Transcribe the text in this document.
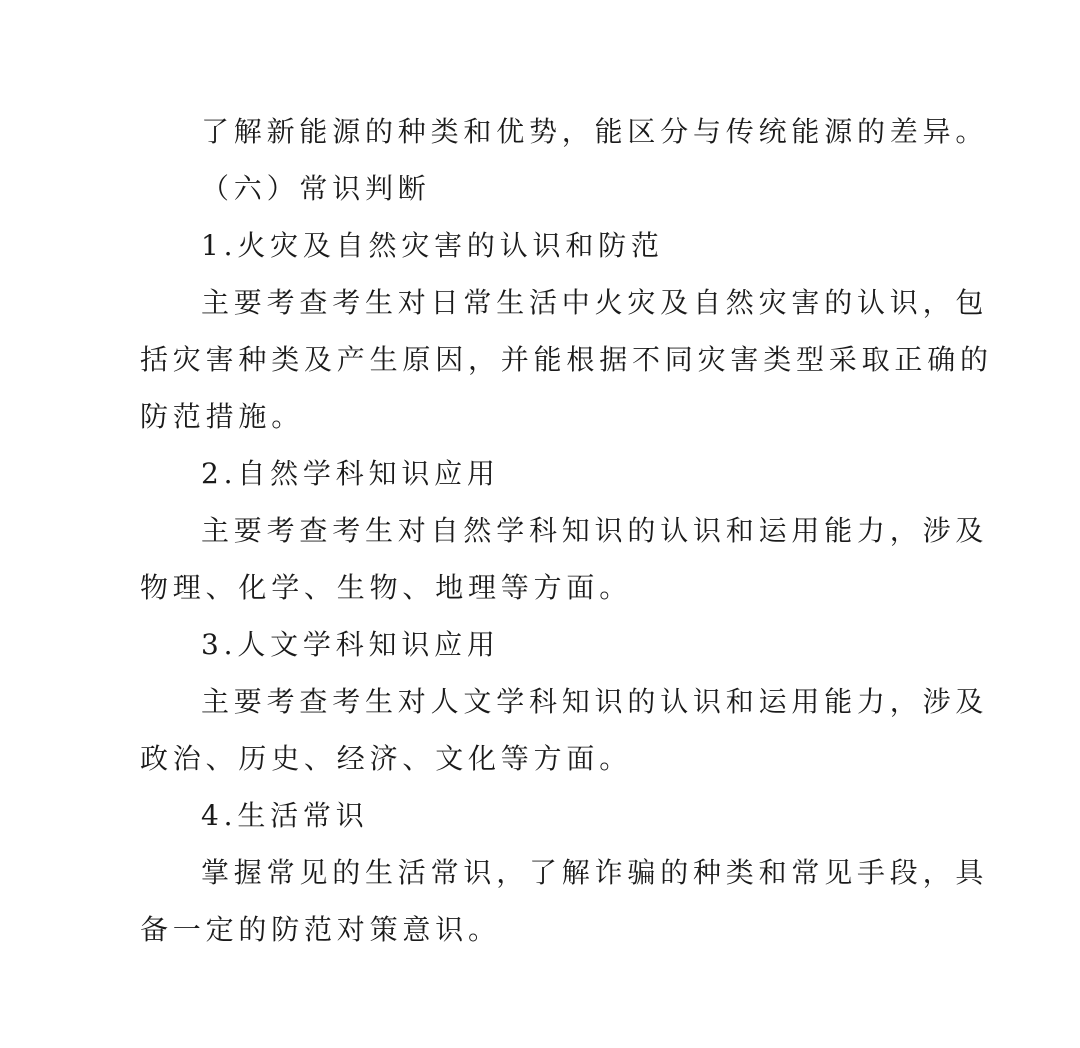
了解新能源的种类和优势，能区分与传统能源的差异。

（六）常识判断

1.火灾及自然灾害的认识和防范

主要考查考生对日常生活中火灾及自然灾害的认识，包

括灾害种类及产生原因，并能根据不同灾害类型采取正确的

防范措施。

2.自然学科知识应用

主要考查考生对自然学科知识的认识和运用能力，涉及

物理、化学、生物、地理等方面。

3.人文学科知识应用

主要考查考生对人文学科知识的认识和运用能力，涉及

政治、历史、经济、文化等方面。

4.生活常识

掌握常见的生活常识，了解诈骗的种类和常见手段，具

备一定的防范对策意识。
